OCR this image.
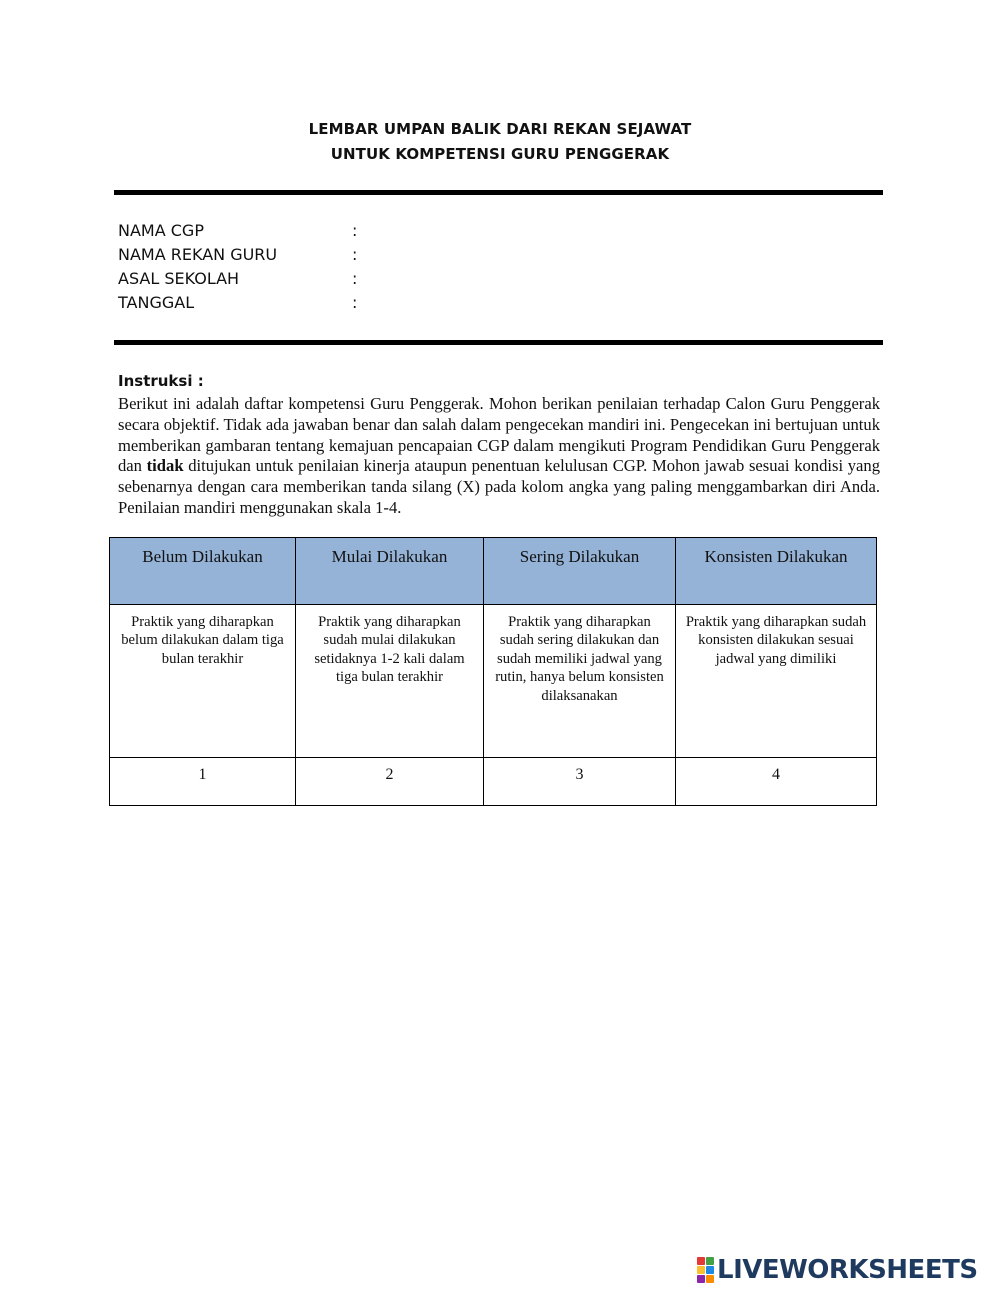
LEMBAR UMPAN BALIK DARI REKAN SEJAWAT
UNTUK KOMPETENSI GURU PENGGERAK
NAMA CGP	:
NAMA REKAN GURU	:
ASAL SEKOLAH	:
TANGGAL	:
Instruksi :
Berikut ini adalah daftar kompetensi Guru Penggerak. Mohon berikan penilaian terhadap Calon Guru Penggerak secara objektif. Tidak ada jawaban benar dan salah dalam pengecekan mandiri ini. Pengecekan ini bertujuan untuk memberikan gambaran tentang kemajuan pencapaian CGP dalam mengikuti Program Pendidikan Guru Penggerak dan tidak ditujukan untuk penilaian kinerja ataupun penentuan kelulusan CGP. Mohon jawab sesuai kondisi yang sebenarnya dengan cara memberikan tanda silang (X) pada kolom angka yang paling menggambarkan diri Anda. Penilaian mandiri menggunakan skala 1-4.
Belum Dilakukan	Mulai Dilakukan	Sering Dilakukan	Konsisten Dilakukan
Praktik yang diharapkan belum dilakukan dalam tiga bulan terakhir	Praktik yang diharapkan sudah mulai dilakukan setidaknya 1-2 kali dalam tiga bulan terakhir	Praktik yang diharapkan sudah sering dilakukan dan sudah memiliki jadwal yang rutin, hanya belum konsisten dilaksanakan	Praktik yang diharapkan sudah konsisten dilakukan sesuai jadwal yang dimiliki
1	2	3	4
LIVEWORKSHEETS
